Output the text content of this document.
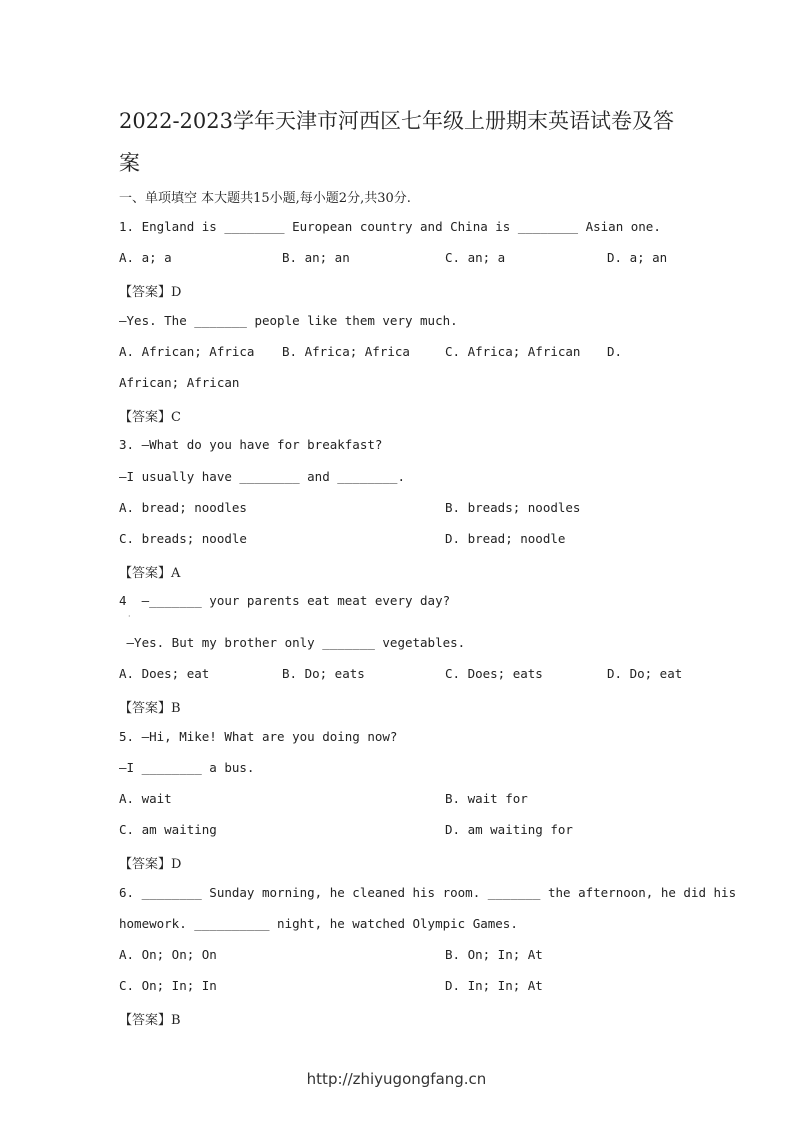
2022-2023学年天津市河西区七年级上册期末英语试卷及答案
一、单项填空 本大题共15小题,每小题2分,共30分.
1. England is ________ European country and China is ________ Asian one.
A. a; a	B. an; an	C. an; a	D. a; an
【答案】D
—Yes. The _______ people like them very much.
A. African; Africa B. Africa; Africa	C. Africa; African D.
African; African
【答案】C
3. —What do you have for breakfast?
—I usually have ________ and ________.
A. bread; noodles	B. breads; noodles
C. breads; noodle	D. bread; noodle
【答案】A
4  —_______ your parents eat meat every day?
·
—Yes. But my brother only _______ vegetables.
A. Does; eat	B. Do; eats	C. Does; eats	D. Do; eat
【答案】B
5. —Hi, Mike! What are you doing now?
—I ________ a bus.
A. wait	B. wait for
C. am waiting	D. am waiting for
【答案】D
6. ________ Sunday morning, he cleaned his room. _______ the afternoon, he did his
homework. __________ night, he watched Olympic Games.
A. On; On; On	B. On; In; At
C. On; In; In	D. In; In; At
【答案】B
http://zhiyugongfang.cn
